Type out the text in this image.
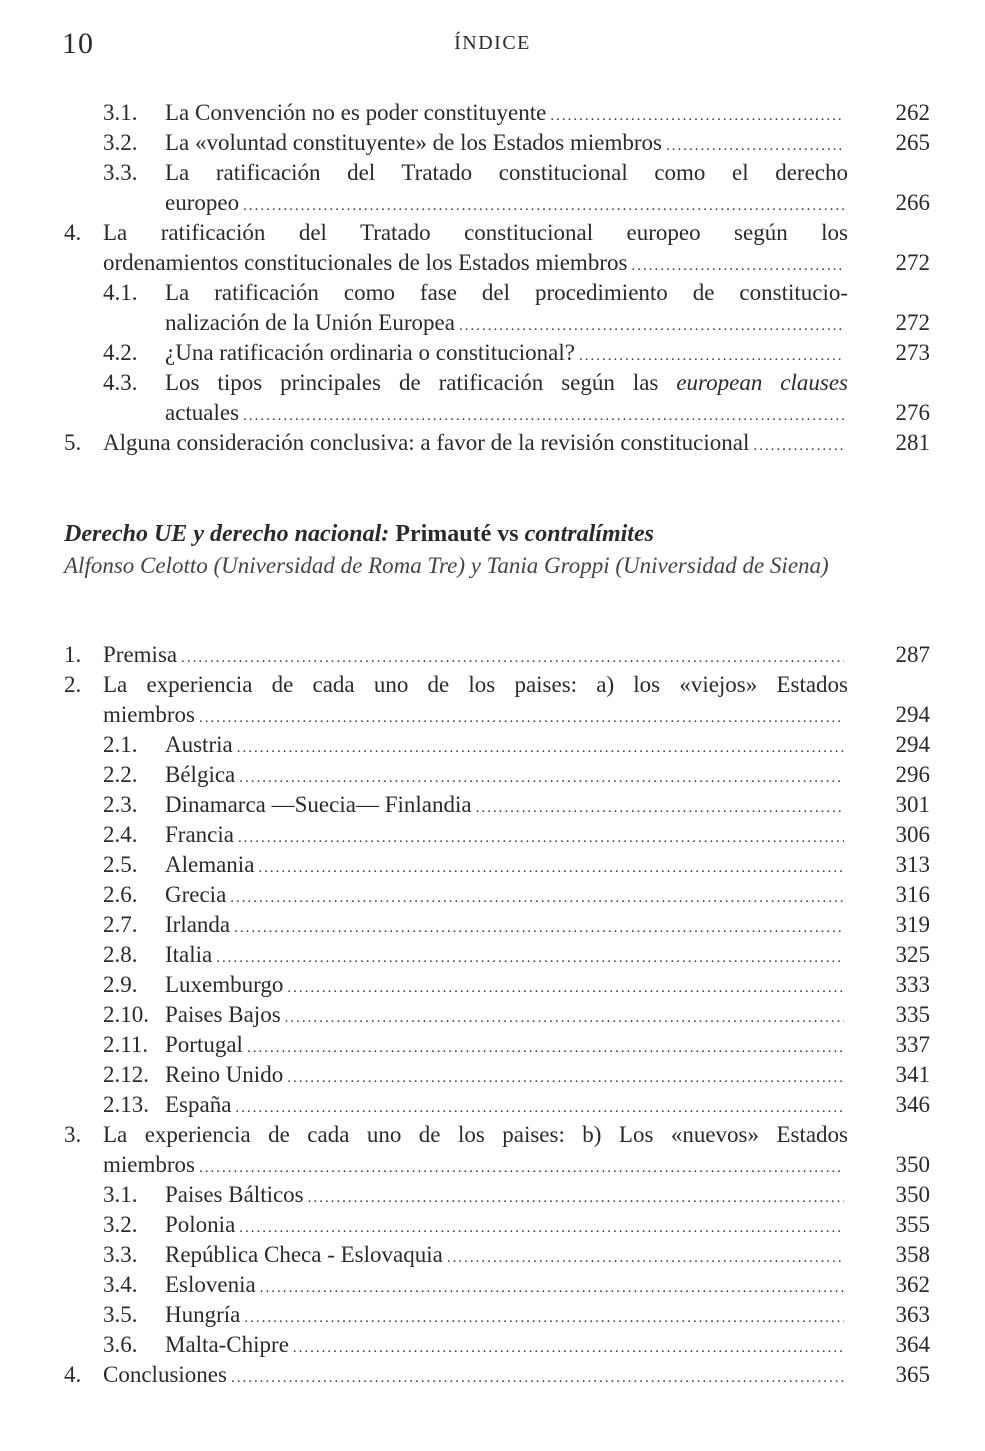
10	ÍNDICE
3.1. La Convención no es poder constituyente .....	262
3.2. La «voluntad constituyente» de los Estados miembros .....	265
3.3. La ratificación del Tratado constitucional como el derecho
europeo .....	266
4. La ratificación del Tratado constitucional europeo según los
ordenamientos constitucionales de los Estados miembros .....	272
4.1. La ratificación como fase del procedimiento de constitucio-
nalización de la Unión Europea .....	272
4.2. ¿Una ratificación ordinaria o constitucional? .....	273
4.3. Los tipos principales de ratificación según las european clauses
actuales .....	276
5. Alguna consideración conclusiva: a favor de la revisión constitucional .....	281
1. Premisa .....	287
2. La experiencia de cada uno de los paises: a) los «viejos» Estados
miembros .....	294
2.1. Austria .....	294
2.2. Bélgica .....	296
2.3. Dinamarca —Suecia— Finlandia .....	301
2.4. Francia .....	306
2.5. Alemania .....	313
2.6. Grecia .....	316
2.7. Irlanda .....	319
2.8. Italia .....	325
2.9. Luxemburgo .....	333
2.10. Paises Bajos .....	335
2.11. Portugal .....	337
2.12. Reino Unido .....	341
2.13. España .....	346
3. La experiencia de cada uno de los paises: b) Los «nuevos» Estados
miembros .....	350
3.1. Paises Bálticos .....	350
3.2. Polonia .....	355
3.3. República Checa - Eslovaquia .....	358
3.4. Eslovenia .....	362
3.5. Hungría .....	363
3.6. Malta-Chipre .....	364
4. Conclusiones .....	365
Derecho UE y derecho nacional: Primauté vs contralímites
Alfonso Celotto (Universidad de Roma Tre) y Tania Groppi (Universidad de Siena)
